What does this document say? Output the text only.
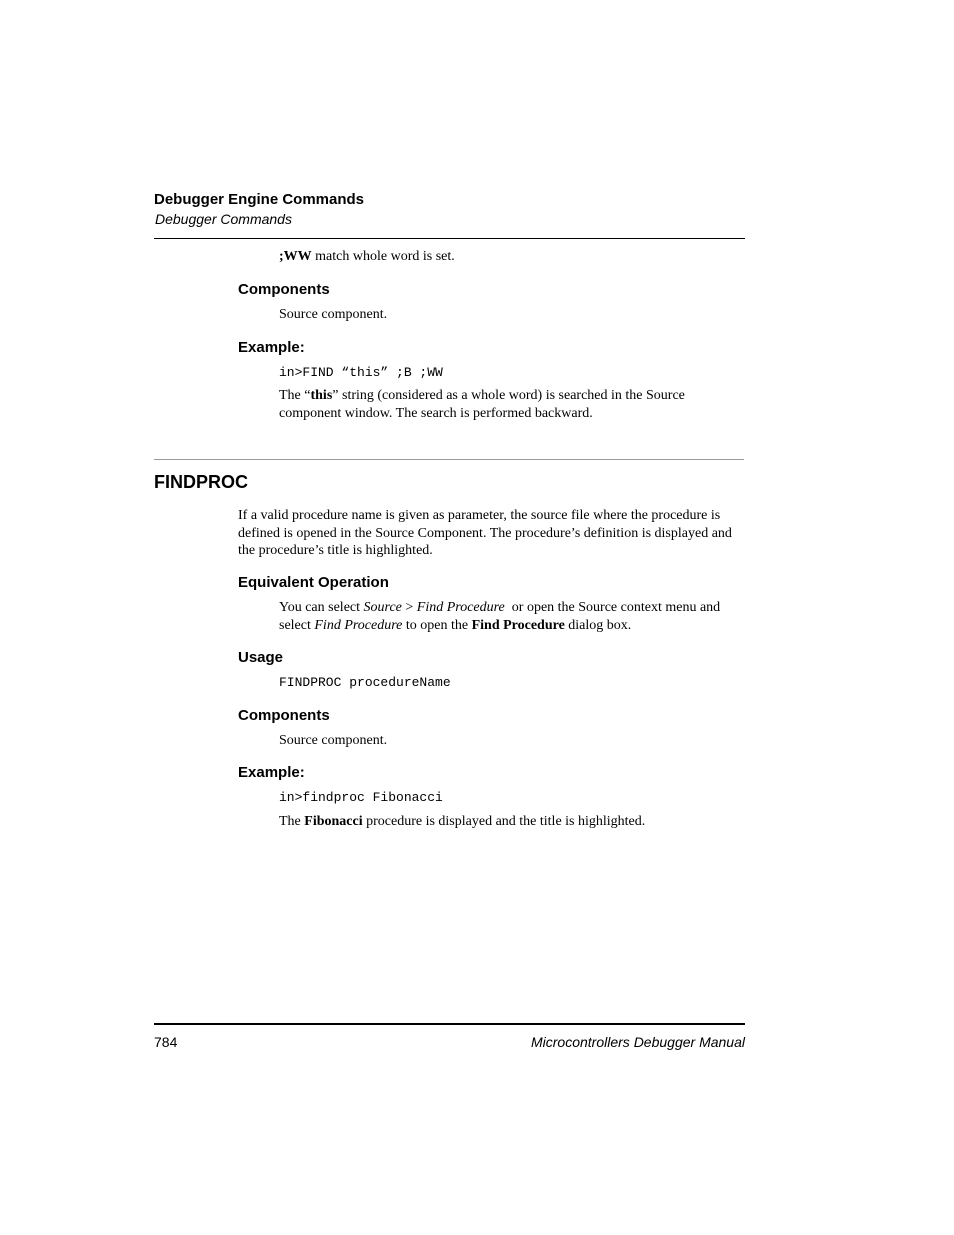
Debugger Engine Commands
Debugger Commands
;WW match whole word is set.
Components
Source component.
Example:
in>FIND “this” ;B ;WW
The “this” string (considered as a whole word) is searched in the Source
component window. The search is performed backward.
FINDPROC
If a valid procedure name is given as parameter, the source file where the procedure is
defined is opened in the Source Component. The procedure’s definition is displayed and
the procedure’s title is highlighted.
Equivalent Operation
You can select Source > Find Procedure  or open the Source context menu and
select Find Procedure to open the Find Procedure dialog box.
Usage
FINDPROC procedureName
Components
Source component.
Example:
in>findproc Fibonacci
The Fibonacci procedure is displayed and the title is highlighted.
784	Microcontrollers Debugger Manual
